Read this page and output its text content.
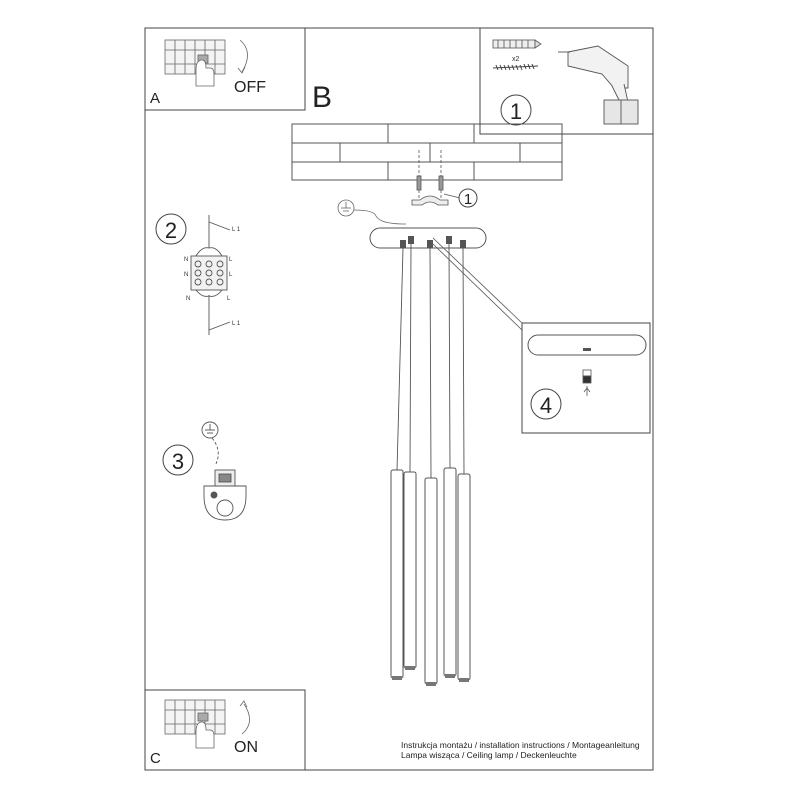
A
OFF
x2
1
B
1
4
2	L 1
L 1
N
N
N
L
L
L
3
C
ON	Instrukcja montażu / installation instructions / Montageanleitung
Lampa wisząca / Ceiling lamp / Deckenleuchte
